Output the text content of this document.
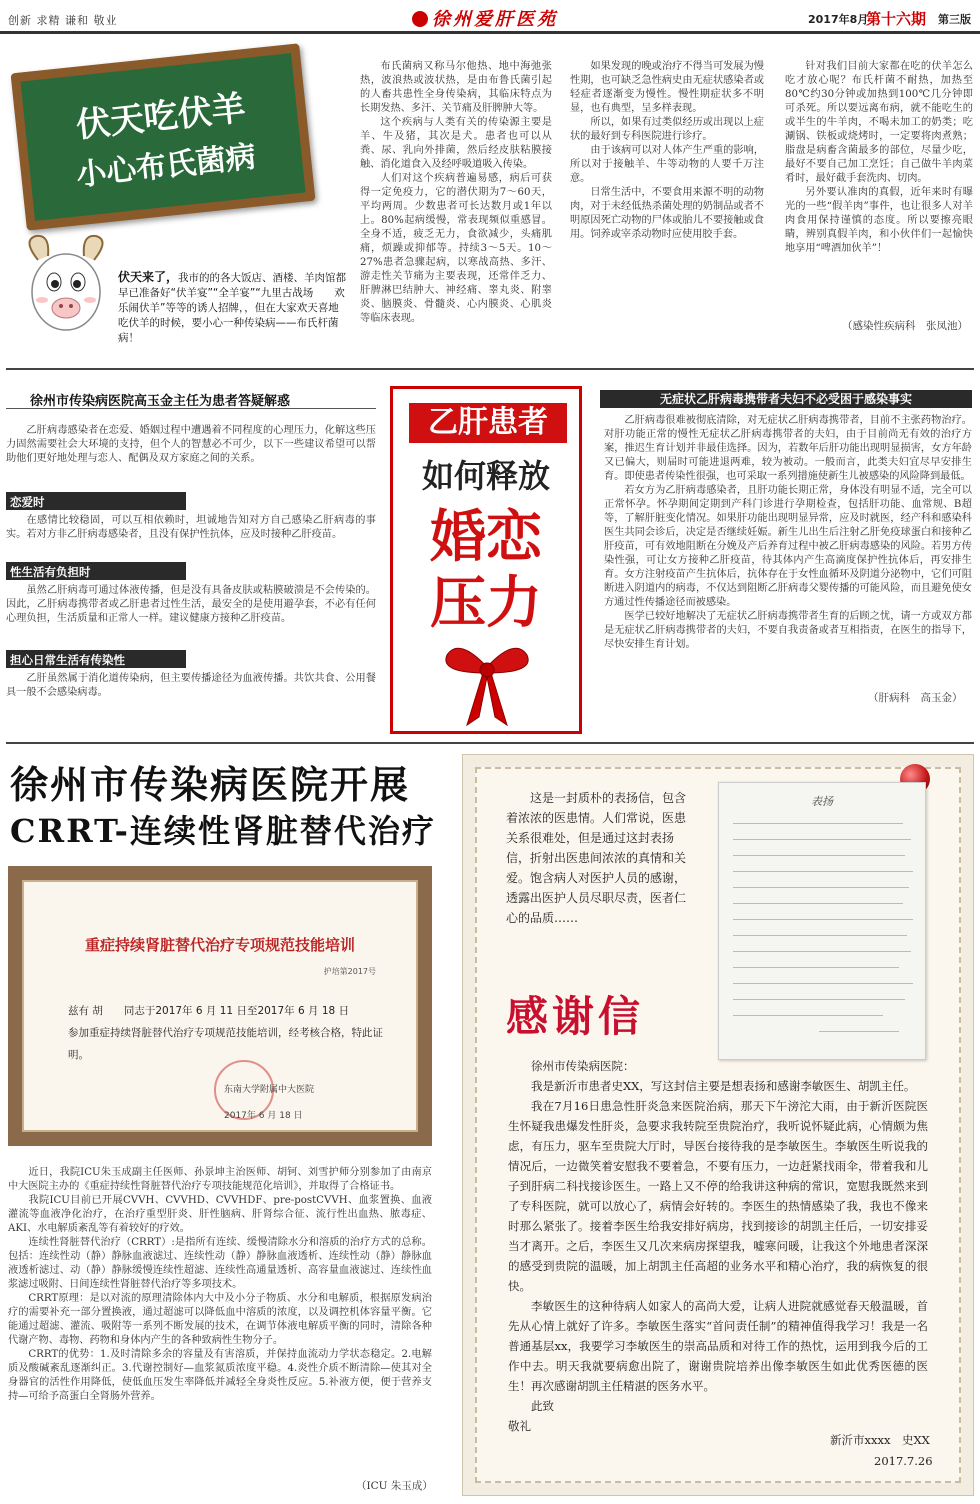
创新 求精 谦和 敬业	徐州爱肝医苑	2017年8月
第十六期 第三版
伏天吃伏羊
小心布氏菌病
伏天来了，我市的的各大饭店、酒楼、羊肉馆都早已准备好“伏羊宴”“全羊宴”“九里古战场　　欢乐闹伏羊”等等的诱人招牌，，但在大家欢天喜地吃伏羊的时候，要小心一种传染病——布氏杆菌病！

布氏菌病又称马尔他热、地中海弛张热，波浪热或波状热，是由布鲁氏菌引起的人畜共患性全身传染病，其临床特点为长期发热、多汗、关节痛及肝脾肿大等。

这个疾病与人类有关的传染源主要是羊、牛及猪，其次是犬。患者也可以从粪、尿、乳向外排菌，然后经皮肤粘膜接触、消化道食入及经呼吸道吸入传染。

人们对这个疾病普遍易感，病后可获得一定免疫力，它的潜伏期为7～60天，平均两周。少数患者可长达数月或1年以上。80%起病缓慢，常表现频似重感冒。全身不适，疲乏无力，食欲减少，头痛肌痛，烦躁或抑郁等。持续3～5天。10～27%患者急骤起病，以寒战高热、多汗、游走性关节痛为主要表现，还常伴乏力、肝脾淋巴结肿大、神经痛、睾丸炎、附睾炎、脑膜炎、骨髓炎、心内膜炎、心肌炎等临床表现。

如果发现的晚或治疗不得当可发展为慢性期，也可缺乏急性病史由无症状感染者或轻症者逐渐变为慢性。慢性期症状多不明显，也有典型，呈多样表现。

所以，如果有过类似经历或出现以上症状的最好到专科医院进行诊疗。

由于该病可以对人体产生严重的影响，所以对于接触羊、牛等动物的人要千万注意。

日常生活中，不要食用来源不明的动物肉，对于未经低热杀菌处理的奶制品或者不明原因死亡动物的尸体或胎儿不要接触或食用。饲养或宰杀动物时应使用胶手套。

针对我们目前大家都在吃的伏羊怎么吃才放心呢？布氏杆菌不耐热，加热至80℃约30分钟或加热到100℃几分钟即可杀死。所以要远离布病，就不能吃生的或半生的牛羊肉，不喝未加工的奶类；吃涮锅、铁板或烧烤时，一定要将肉煮熟；脂盘是病畜含菌最多的部位，尽量少吃，最好不要自己加工烹饪；自己做牛羊肉菜肴时，最好截手套洗肉、切肉。

另外要认准肉的真假，近年来时有曝光的一些“假羊肉”事件，也让很多人对羊肉食用保持谨慎的态度。所以要擦亮眼睛，辨别真假羊肉，和小伙伴们一起愉快地享用“啤酒加伙羊”！

（感染性疾病科　张凤池）
徐州市传染病医院高玉金主任为患者答疑解惑
乙肝病毒感染者在恋爱、婚姻过程中遭遇着不同程度的心理压力，化解这些压力固然需要社会大环境的支持，但个人的智慧必不可少，以下一些建议希望可以帮助他们更好地处理与恋人、配偶及双方家庭之间的关系。
恋爱时
在感情比较稳固，可以互相依赖时，坦诚地告知对方自己感染乙肝病毒的事实。若对方非乙肝病毒感染者，且没有保护性抗体，应及时接种乙肝疫苗。
性生活有负担时
虽然乙肝病毒可通过体液传播，但是没有具备皮肤或粘膜破溃是不会传染的。因此，乙肝病毒携带者或乙肝患者过性生活，最安全的是使用避孕套，不必有任何心理负担，生活质量和正常人一样。建议健康方接种乙肝疫苗。
担心日常生活有传染性
乙肝虽然属于消化道传染病，但主要传播途径为血液传播。共饮共食、公用餐具一般不会感染病毒。
乙肝患者
如何释放
婚恋
压力
无症状乙肝病毒携带者夫妇不必受困于感染事实

乙肝病毒很难被彻底清除，对无症状乙肝病毒携带者，目前不主张药物治疗。对肝功能正常的慢性无症状乙肝病毒携带者的夫妇，由于目前尚无有效的治疗方案，推迟生育计划并非最佳选择。因为，若数年后肝功能出现明显损害，女方年龄又已偏大，则届时可能进退两难，较为被动。一般而言，此类夫妇宜尽早安排生育。即使患者传染性很强，也可采取一系列措施使新生儿被感染的风险降到最低。

若女方为乙肝病毒感染者，且肝功能长期正常，身体没有明显不适，完全可以正常怀孕。怀孕期间定期到产科门诊进行孕期检查，包括肝功能、血常规、B超等，了解肝脏变化情况。如果肝功能出现明显异常，应及时就医，经产科和感染科医生共同会诊后，决定是否继续妊娠。新生儿出生后注射乙肝免疫球蛋白和接种乙肝疫苗，可有效地阻断在分娩及产后养育过程中被乙肝病毒感染的风险。若男方传染性强，可让女方接种乙肝疫苗，待其体内产生高滴度保护性抗体后，再安排生育。女方注射疫苗产生抗体后，抗体存在于女性血循环及阴道分泌物中，它们可阻断进入阴道内的病毒，不仅达到阻断乙肝病毒父婴传播的可能风险，而且避免使女方通过性传播途径而被感染。

医学已较好地解决了无症状乙肝病毒携带者生育的后顾之忧，请一方或双方都是无症状乙肝病毒携带者的夫妇，不要自我责备或者互相指责，在医生的指导下，尽快安排生育计划。

（肝病科　高玉金）
徐州市传染病医院开展
CRRT-连续性肾脏替代治疗
重症持续肾脏替代治疗专项规范技能培训
护培第2017号
兹有 胡　　同志于2017年 6 月 11 日至2017年 6 月 18 日
参加重症持续肾脏替代治疗专项规范技能培训，经考核合格，特此证明。
东南大学附属中大医院
2017年 6 月 18 日

近日，我院ICU朱玉成副主任医师、孙景坤主治医师、胡钶、刘雪护师分别参加了由南京中大医院主办的《重症持续性肾脏替代治疗专项技能规范化培训》，并取得了合格证书。

我院ICU目前已开展CVVH、CVVHD、CVVHDF、pre-postCVVH、血浆置换、血液灌流等血液净化治疗，在治疗重型肝炎、肝性脑病、肝肾综合征、流行性出血热、脓毒症、AKI、水电解质紊乱等有着较好的疗效。

连续性肾脏替代治疗（CRRT）:是指所有连续、缓慢清除水分和溶质的治疗方式的总称。包括：连续性动（静）静脉血液滤过、连续性动（静）静脉血液透析、连续性动（静）静脉血液透析滤过、动（静）静脉缓慢连续性超滤、连续性高通量透析、高容量血液滤过、连续性血浆滤过吸附、日间连续性肾脏替代治疗等多项技术。

CRRT原理：是以对流的原理清除体内大中及小分子物质、水分和电解质，根据原发病治疗的需要补充一部分置换液，通过超滤可以降低血中溶质的浓度，以及调控机体容量平衡。它能通过超滤、灌流、吸附等一系列不断发展的技术，在调节体液电解质平衡的同时，清除各种代谢产物、毒物、药物和身体内产生的各种致病性生物分子。

CRRT的优势：1.及时清除多余的容量及有害溶质，并保持血流动力学状态稳定。2.电解质及酸碱紊乱逐渐纠正。3.代谢控制好—血浆氮质浓度平稳。4.炎性介质不断清除—使其对全身器官的活性作用降低，使低血压发生率降低并减轻全身炎性反应。5.补液方便，便于营养支持—可给予高蛋白全肾肠外营养。

（ICU 朱玉成）
这是一封质朴的表扬信，包含着浓浓的医患情。人们常说，医患关系很难处，但是通过这封表扬信，折射出医患间浓浓的真情和关爱。饱含病人对医护人员的感谢，透露出医护人员尽职尽责，医者仁心的品质……
感谢信
表扬
徐州市传染病医院：

我是新沂市患者史XX，写这封信主要是想表扬和感谢李敏医生、胡凯主任。

我在7月16日患急性肝炎急来医院治病，那天下午滂沱大雨，由于新沂医院医生怀疑我患爆发性肝炎，急要求我转院至贵院治疗，我听说怀疑此病，心情颇为焦虑，有压力，驱车至贵院大厅时，导医台接待我的是李敏医生。李敏医生听说我的情况后，一边微笑着安慰我不要着急，不要有压力，一边赶紧找雨伞，带着我和儿子到肝病二科找接诊医生。一路上又不停的给我讲这种病的常识，宽慰我既然来到了专科医院，就可以放心了，病情会好转的。李医生的热情感染了我，我也不像来时那么紧张了。接着李医生给我安排好病房，找到接诊的胡凯主任后，一切安排妥当才离开。之后，李医生又几次来病房探望我，嘘寒问暖，让我这个外地患者深深的感受到贵院的温暖，加上胡凯主任高超的业务水平和精心治疗，我的病恢复的很快。

李敏医生的这种待病人如家人的高尚大爱，让病人进院就感觉春天般温暖，首先从心情上就好了许多。李敏医生落实“首问责任制”的精神值得我学习！我是一名普通基层xx，我要学习李敏医生的崇高品质和对待工作的热忱，运用到我今后的工作中去。明天我就要病愈出院了，谢谢贵院培养出像李敏医生如此优秀医德的医生！再次感谢胡凯主任精湛的医务水平。

此致
敬礼
新沂市xxxx　史XX
2017.7.26
